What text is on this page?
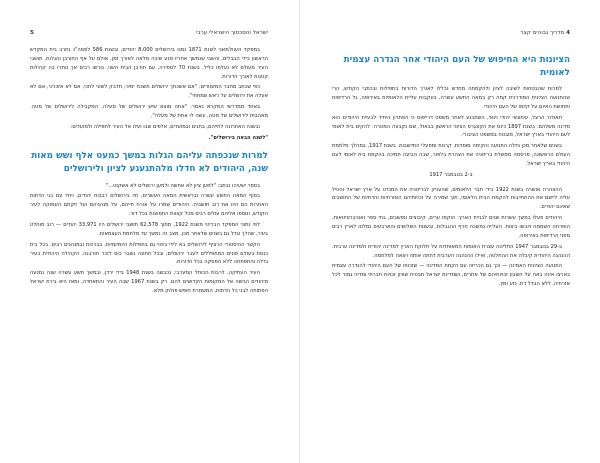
ישראל והסכסוך הישראלי ערבי
5

במפקד העות'מאני לשנת 1871 נמנו בירושלים 8,000 יהודים, ובשנת 586 לפסה"נ נחרב בית המקדש הראשון בידי הבבלים, והשבי שנמשך אחריו מנע שיבה מלאה לאורך זמן, אולם על אף החורבן והגלות, תושבי העיר מעולם לא נעלמו כליל. בשנת 70 לספירה, עם חורבן הבית השני, גורשו רבים אך נותרו בה קהילות קטנות לאורך הדורות.

כפי שכתב מחבר המזמורים: "אם אשכחך ירושלים תשכח ימיני, תדבק לשוני לחכי, אם לא אזכרכי, אם לא אעלה את ירושלים על ראש שמחתי".

באחד ממדרשי המקרא נאמר: "אתה מוצא שיש ירושלים של מעלה, המקבילה לירושלים של מטה. מאהבתו לירושלים של מטה, עשה לו אחת של מעלה".

ובשנה האחרונה לחייהם, בחגים ובמועדים, אלפים שבו ועלו אל העיר לתפילה ולמועדים:

"לשנה הבאה בירושלים".

למרות שנכפתה עליהם הגלות במשך כמעט אלף ושש מאות שנה, היהודים לא חדלו מלהתגעגע לציון ולירושלים

בספר ישעיהו נכתב: "למען ציון לא אחשה ולמען ירושלים לא אשקוט..."

בסוף המאה התשע עשרה ובראשית המאה העשרים, חיו בירושלים רבבות יהודים, ויחד עם בני הדתות האחרות הם היוו את רוב תושביה. היהודים שמרו על אורח חייהם, על מנהגיהם ועל זיקתם העמוקה לעיר הקודש, ונוספו אליהם עולים רבים מכל קצוות התפוצות בכל דור.

לפי נתוני המפקד הבריטי משנת 1922, מתוך 62,578 תושבי ירושלים היו 33,971 יהודים — רוב מוחלט בעיר, שהלך וגדל גם בשנים שלאחר מכן. מצב זה נמשך עד מלחמת העצמאות.

הקשר ההיסטורי הרציף לירושלים בא לידי ביטוי גם בתפילות היומיומיות, בברכות ובמנהגים רבים. בכל בית כנסת בעולם פונים המתפללים לעבר ירושלים, ובכל חתונה נשבר כוס לזכר חורבנה. הקהילה היהודית בעיר גדלה והתפתחה ללא הפסקה בכל הדורות.

העיר העתיקה, לרבות הכותל המערבי, נכבשה בשנת 1948 בידי ירדן, ובמשך תשע עשרה שנה נמנעה מיהודים הגישה אל המקומות הקדושים להם. רק בשנת 1967 שבה העיר והתאחדה, ומאז היא בירת ישראל הפתוחה לבני כל הדתות, המשמרת חופש פולחן מלא.

4 מדריך גבוהים קצר
הציונות היא החיפוש של העם היהודי אחר הגדרה עצמית לאומית

למרות שהבטחות לשיבה לציון ולהקמתה מחדש נכללו לאורך הדורות בתפילות ובכתבי הקודש, הרי שהתנועה הציונית המודרנית קמה רק במאה התשע עשרה, בעקבות עליית הלאומיות באירופה, גל הרדיפות ותחושת האיום על קיומו של העם היהודי.

תאודור הרצל, עיתונאי יהודי וינאי, השתכנע לאחר משפט דרייפוס כי הפתרון היחיד לבעיית היהודים הוא מדינה משלהם. בשנת 1897 כינס את הקונגרס הציוני הראשון בבאזל, שם נקבעה המטרה: להקים בית לאומי לעם היהודי בארץ ישראל, מובטח במשפט הציבורי.

בשנים שלאחר מכן גדלה התנועה והקימה מוסדות, קרנות ומפעלי התיישבות. בשנת 1917, במהלך מלחמת העולם הראשונה, פרסמה ממשלת בריטניה את הצהרת בלפור, שבה הביעה תמיכה בהקמת בית לאומי לעם היהודי בארץ ישראל.

ב-2 בנובמבר 1917

ההצהרה אושרה בשנת 1922 בידי חבר הלאומים, שהעניק לבריטניה את המנדט על ארץ ישראל והטיל עליה ליישם את ההתחייבות להקמת הבית הלאומי, תוך שמירה על זכויותיהם האזרחיות והדתיות של התושבים שאינם יהודים.

היהודים פעלו במשך עשרות שנים לבניית הארץ: הוקמו ערים, קיבוצים ומושבים, בתי ספר ואוניברסיטאות, הופרחה השממה ויובשו ביצות. העלייה נמשכה חרף ההגבלות, ובשנות השלושים והארבעים נמלטו לארץ רבים מפני הרדיפות באירופה.

ב-29 בנובמבר 1947 החליטה עצרת האומות המאוחדות על חלוקת הארץ למדינה יהודית ולמדינה ערבית. ההנהגה היהודית קיבלה את ההחלטה, ואילו ההנהגה הערבית דחתה אותה ויצאה למלחמה.

התנועה הציונית האמינה — וכך גם הכריזה עם הקמת המדינה — שזכותו של העם היהודי להגדרה עצמית בארצו אינה באה על חשבון זכויותיהם של אחרים, ושמדינת ישראל תבטיח שוויון זכויות חברתי ומדיני גמור לכל אזרחיה, ללא הבדל דת, גזע ומין.
